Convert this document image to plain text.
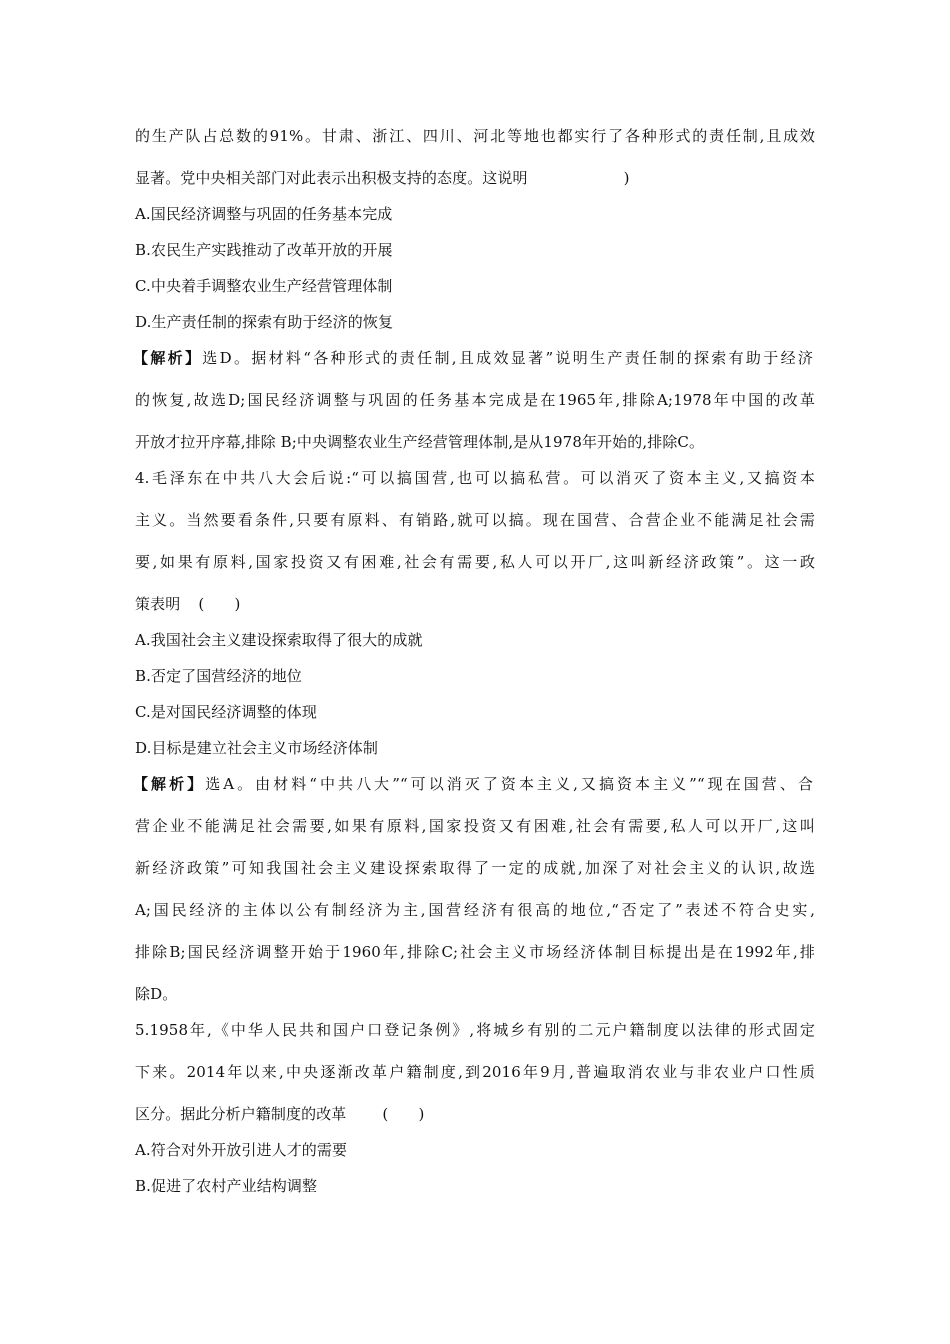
的生产队占总数的91%。甘肃、浙江、四川、河北等地也都实行了各种形式的责任制,且成效
显著。党中央相关部门对此表示出积极支持的态度。这说明	)
A.国民经济调整与巩固的任务基本完成
B.农民生产实践推动了改革开放的开展
C.中央着手调整农业生产经营管理体制
D.生产责任制的探索有助于经济的恢复
【解析】选D。据材料“各种形式的责任制,且成效显著”说明生产责任制的探索有助于经济
的恢复,故选D;国民经济调整与巩固的任务基本完成是在1965年,排除A;1978年中国的改革
开放才拉开序幕,排除 B;中央调整农业生产经营管理体制,是从1978年开始的,排除C。
4.毛泽东在中共八大会后说:“可以搞国营,也可以搞私营。可以消灭了资本主义,又搞资本
主义。当然要看条件,只要有原料、有销路,就可以搞。现在国营、合营企业不能满足社会需
要,如果有原料,国家投资又有困难,社会有需要,私人可以开厂,这叫新经济政策”。这一政
策表明 (　　)
A.我国社会主义建设探索取得了很大的成就
B.否定了国营经济的地位
C.是对国民经济调整的体现
D.目标是建立社会主义市场经济体制
【解析】选A。由材料“中共八大”“可以消灭了资本主义,又搞资本主义”“现在国营、合
营企业不能满足社会需要,如果有原料,国家投资又有困难,社会有需要,私人可以开厂,这叫
新经济政策”可知我国社会主义建设探索取得了一定的成就,加深了对社会主义的认识,故选
A;国民经济的主体以公有制经济为主,国营经济有很高的地位,“否定了”表述不符合史实,
排除B;国民经济调整开始于1960年,排除C;社会主义市场经济体制目标提出是在1992年,排
除D。
5.1958年,《中华人民共和国户口登记条例》,将城乡有别的二元户籍制度以法律的形式固定
下来。2014年以来,中央逐渐改革户籍制度,到2016年9月,普遍取消农业与非农业户口性质
区分。据此分析户籍制度的改革 (　　)
A.符合对外开放引进人才的需要
B.促进了农村产业结构调整
